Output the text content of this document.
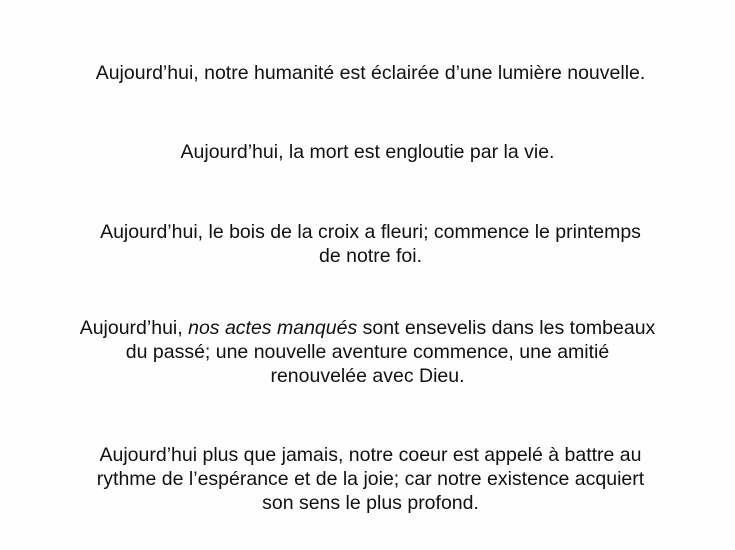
Aujourd’hui, notre humanité est éclairée d’une lumière nouvelle.

Aujourd’hui, la mort est engloutie par la vie.

Aujourd’hui, le bois de la croix a fleuri; commence le printemps
de notre foi.

Aujourd’hui, nos actes manqués sont ensevelis dans les tombeaux
du passé; une nouvelle aventure commence, une amitié
renouvelée avec Dieu.

Aujourd’hui plus que jamais, notre coeur est appelé à battre au
rythme de l’espérance et de la joie; car notre existence acquiert
son sens le plus profond.
